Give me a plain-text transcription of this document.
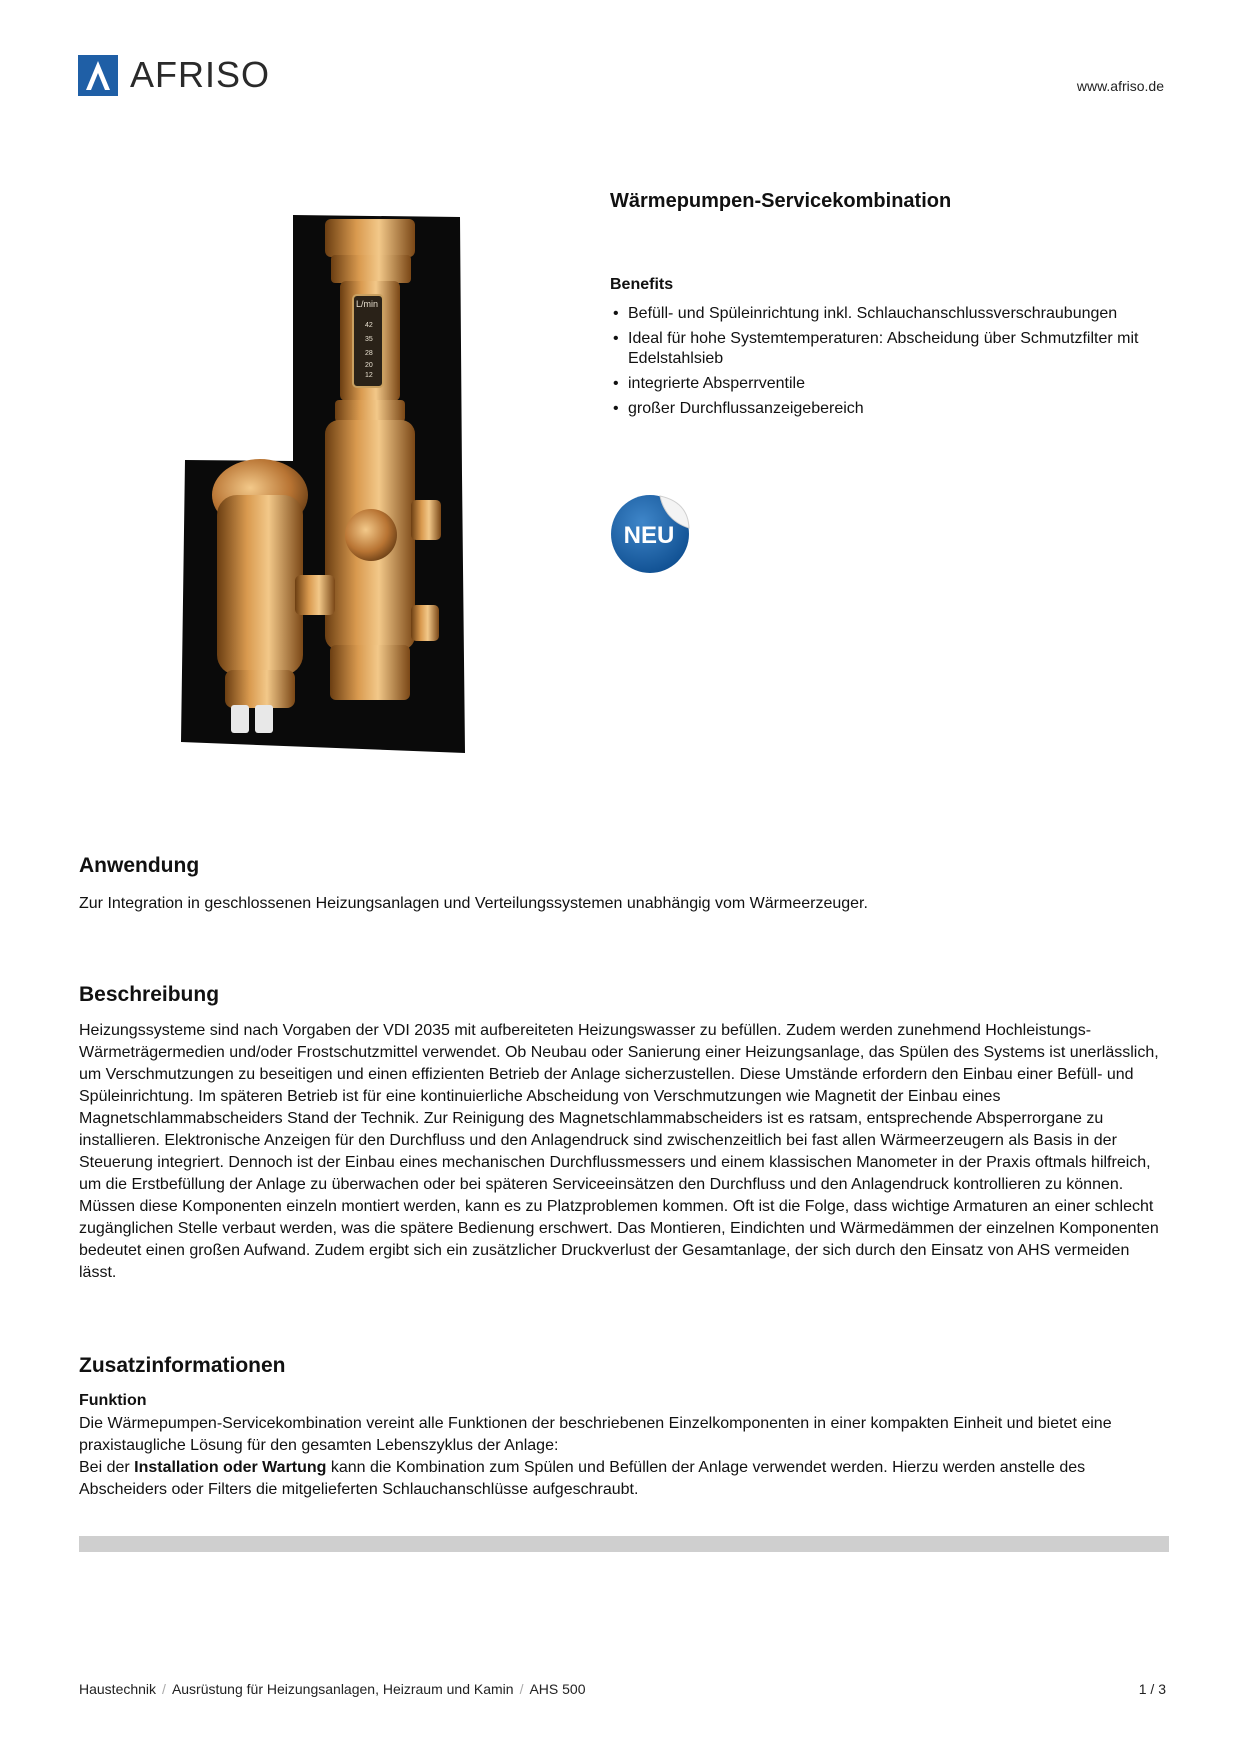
AFRISO	www.afriso.de
L/min
42
35
28
20
12
Wärmepumpen-Servicekombination
Benefits
• Befüll- und Spüleinrichtung inkl. Schlauchanschlussverschraubungen
• Ideal für hohe Systemtemperaturen: Abscheidung über Schmutzfilter mit Edelstahlsieb
• integrierte Absperrventile
• großer Durchflussanzeigebereich
NEU
Anwendung
Zur Integration in geschlossenen Heizungsanlagen und Verteilungssystemen unabhängig vom Wärmeerzeuger.
Beschreibung
Heizungssysteme sind nach Vorgaben der VDI 2035 mit aufbereiteten Heizungswasser zu befüllen. Zudem werden zunehmend Hochleistungs-Wärmeträgermedien und/oder Frostschutzmittel verwendet. Ob Neubau oder Sanierung einer Heizungsanlage, das Spülen des Systems ist unerlässlich, um Verschmutzungen zu beseitigen und einen effizienten Betrieb der Anlage sicherzustellen. Diese Umstände erfordern den Einbau einer Befüll- und Spüleinrichtung. Im späteren Betrieb ist für eine kontinuierliche Abscheidung von Verschmutzungen wie Magnetit der Einbau eines Magnetschlammabscheiders Stand der Technik. Zur Reinigung des Magnetschlammabscheiders ist es ratsam, entsprechende Absperrorgane zu installieren. Elektronische Anzeigen für den Durchfluss und den Anlagendruck sind zwischenzeitlich bei fast allen Wärmeerzeugern als Basis in der Steuerung integriert. Dennoch ist der Einbau eines mechanischen Durchflussmessers und einem klassischen Manometer in der Praxis oftmals hilfreich, um die Erstbefüllung der Anlage zu überwachen oder bei späteren Serviceeinsätzen den Durchfluss und den Anlagendruck kontrollieren zu können. Müssen diese Komponenten einzeln montiert werden, kann es zu Platzproblemen kommen. Oft ist die Folge, dass wichtige Armaturen an einer schlecht zugänglichen Stelle verbaut werden, was die spätere Bedienung erschwert. Das Montieren, Eindichten und Wärmedämmen der einzelnen Komponenten bedeutet einen großen Aufwand. Zudem ergibt sich ein zusätzlicher Druckverlust der Gesamtanlage, der sich durch den Einsatz von AHS vermeiden lässt.
Zusatzinformationen
Funktion
Die Wärmepumpen-Servicekombination vereint alle Funktionen der beschriebenen Einzelkomponenten in einer kompakten Einheit und bietet eine praxistaugliche Lösung für den gesamten Lebenszyklus der Anlage:
Bei der Installation oder Wartung kann die Kombination zum Spülen und Befüllen der Anlage verwendet werden. Hierzu werden anstelle des Abscheiders oder Filters die mitgelieferten Schlauchanschlüsse aufgeschraubt.
Haustechnik / Ausrüstung für Heizungsanlagen, Heizraum und Kamin / AHS 500	1 / 3
